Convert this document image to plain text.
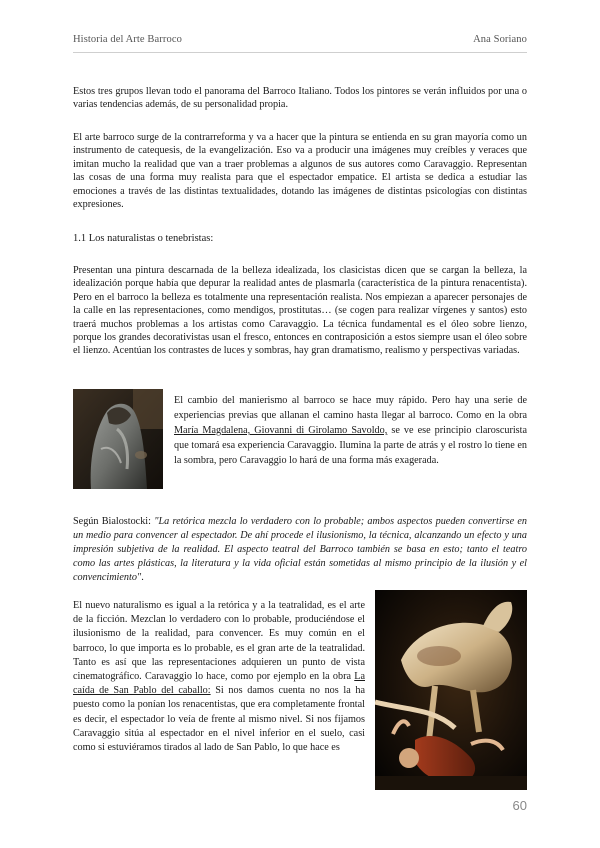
Historia del Arte Barroco	Ana Soriano

Estos tres grupos llevan todo el panorama del Barroco Italiano. Todos los pintores se verán influidos por una o varias tendencias además, de su personalidad propia.

El arte barroco surge de la contrarreforma y va a hacer que la pintura se entienda en su gran mayoría como un instrumento de catequesis, de la evangelización. Eso va a producir una imágenes muy creíbles y veraces que imitan mucho la realidad que van a traer problemas a algunos de sus autores como Caravaggio. Representan las cosas de una forma muy realista para que el espectador empatice. El artista se dedica a estudiar las emociones a través de las distintas textualidades, dotando las imágenes de distintas psicologías con distintas expresiones.

1.1 Los naturalistas o tenebristas:

Presentan una pintura descarnada de la belleza idealizada, los clasicistas dicen que se cargan la belleza, la idealización porque había que depurar la realidad antes de plasmarla (característica de la pintura renacentista). Pero en el barroco la belleza es totalmente una representación realista. Nos empiezan a aparecer personajes de la calle en las representaciones, como mendigos, prostitutas… (se cogen para realizar vírgenes y santos) esto traerá muchos problemas a los artistas como Caravaggio. La técnica fundamental es el óleo sobre lienzo, porque los grandes decorativistas usan el fresco, entonces en contraposición a estos siempre usan el óleo sobre el lienzo. Acentúan los contrastes de luces y sombras, hay gran dramatismo, realismo y perspectivas variadas.

El cambio del manierismo al barroco se hace muy rápido. Pero hay una serie de experiencias previas que allanan el camino hasta llegar al barroco. Como en la obra María Magdalena, Giovanni di Girolamo Savoldo, se ve ese principio claroscurista que tomará esa experiencia Caravaggio. Ilumina la parte de atrás y el rostro lo tiene en la sombra, pero Caravaggio lo hará de una forma más exagerada.

Según Bialostocki: "La retórica mezcla lo verdadero con lo probable; ambos aspectos pueden convertirse en un medio para convencer al espectador. De ahí procede el ilusionismo, la técnica, alcanzando un efecto y una impresión subjetiva de la realidad. El aspecto teatral del Barroco también se basa en esto; tanto el teatro como las artes plásticas, la literatura y la vida oficial están sometidas al mismo principio de la ilusión y el convencimiento".

El nuevo naturalismo es igual a la retórica y a la teatralidad, es el arte de la ficción. Mezclan lo verdadero con lo probable, produciéndose el ilusionismo de la realidad, para convencer. Es muy común en el barroco, lo que importa es lo probable, es el gran arte de la teatralidad. Tanto es así que las representaciones adquieren un punto de vista cinematográfico. Caravaggio lo hace, como por ejemplo en la obra La caída de San Pablo del caballo: Si nos damos cuenta no nos la ha puesto como la ponían los renacentistas, que era completamente frontal es decir, el espectador lo veía de frente al mismo nivel. Si nos fijamos Caravaggio sitúa al espectador en el nivel inferior en el suelo, casi como si estuviéramos tirados al lado de San Pablo, lo que hace es

60
